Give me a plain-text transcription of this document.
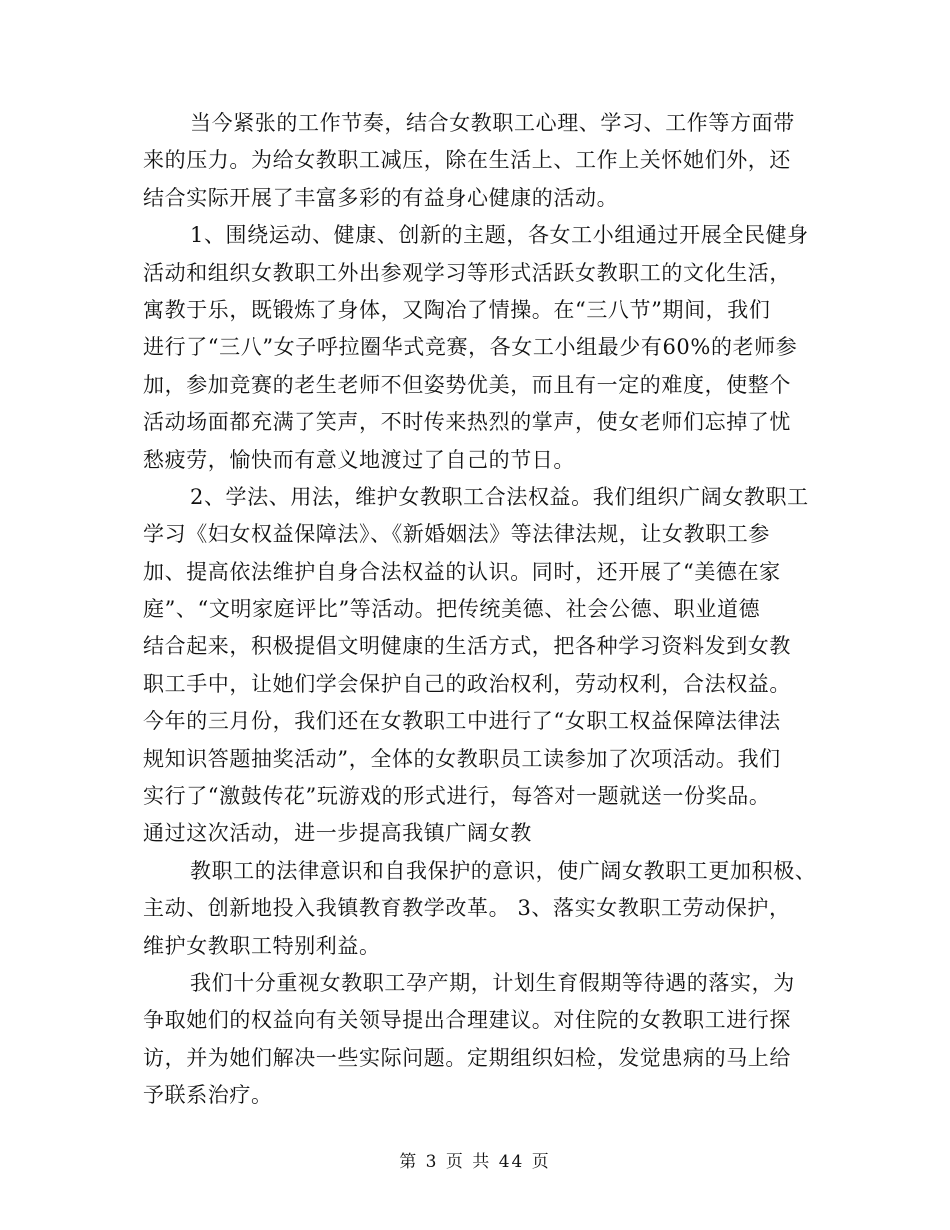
当今紧张的工作节奏，结合女教职工心理、学习、工作等方面带
来的压力。为给女教职工减压，除在生活上、工作上关怀她们外，还
结合实际开展了丰富多彩的有益身心健康的活动。

1、围绕运动、健康、创新的主题，各女工小组通过开展全民健身
活动和组织女教职工外出参观学习等形式活跃女教职工的文化生活，
寓教于乐，既锻炼了身体，又陶冶了情操。在“三八节”期间，我们
进行了“三八”女子呼拉圈华式竞赛，各女工小组最少有60%的老师参
加，参加竞赛的老生老师不但姿势优美，而且有一定的难度，使整个
活动场面都充满了笑声，不时传来热烈的掌声，使女老师们忘掉了忧
愁疲劳，愉快而有意义地渡过了自己的节日。

2、学法、用法，维护女教职工合法权益。我们组织广阔女教职工
学习《妇女权益保障法》、《新婚姻法》等法律法规，让女教职工参
加、提高依法维护自身合法权益的认识。同时，还开展了“美德在家
庭”、“文明家庭评比”等活动。把传统美德、社会公德、职业道德
结合起来，积极提倡文明健康的生活方式，把各种学习资料发到女教
职工手中，让她们学会保护自己的政治权利，劳动权利，合法权益。
今年的三月份，我们还在女教职工中进行了“女职工权益保障法律法
规知识答题抽奖活动”，全体的女教职员工读参加了次项活动。我们
实行了“激鼓传花”玩游戏的形式进行，每答对一题就送一份奖品。
通过这次活动，进一步提高我镇广阔女教

教职工的法律意识和自我保护的意识，使广阔女教职工更加积极、
主动、创新地投入我镇教育教学改革。 3、落实女教职工劳动保护，
维护女教职工特别利益。

我们十分重视女教职工孕产期，计划生育假期等待遇的落实，为
争取她们的权益向有关领导提出合理建议。对住院的女教职工进行探
访，并为她们解决一些实际问题。定期组织妇检，发觉患病的马上给
予联系治疗。

第 3 页 共 44 页
